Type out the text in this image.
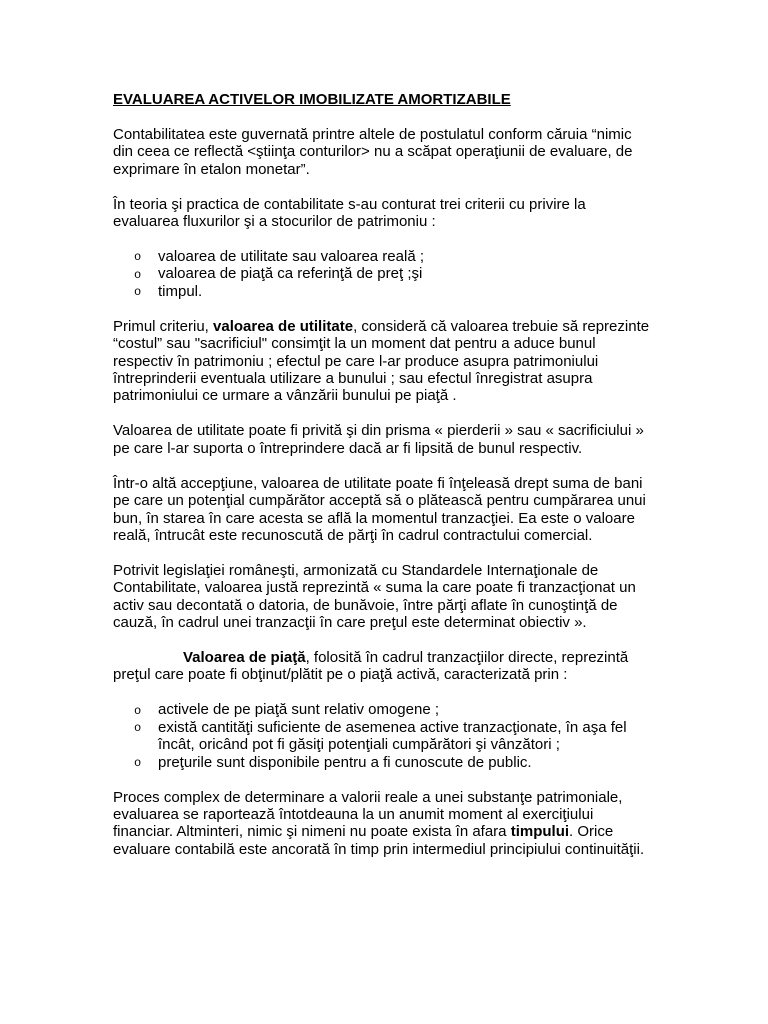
EVALUAREA ACTIVELOR IMOBILIZATE AMORTIZABILE
Contabilitatea este guvernată printre altele de postulatul conform căruia “nimic
din ceea ce reflectă <ştiinţa conturilor> nu a scăpat operaţiunii de evaluare, de
exprimare în etalon monetar”.
În teoria şi practica de contabilitate s-au conturat trei criterii cu privire la
evaluarea fluxurilor şi a stocurilor de patrimoniu :
o valoarea de utilitate sau valoarea reală ;
o valoarea de piaţă ca referinţă de preţ ;şi
o timpul.
Primul criteriu, valoarea de utilitate, consideră că valoarea trebuie să reprezinte
“costul” sau "sacrificiul" consimţit la un moment dat pentru a aduce bunul
respectiv în patrimoniu ; efectul pe care l-ar produce asupra patrimoniului
întreprinderii eventuala utilizare a bunului ; sau efectul înregistrat asupra
patrimoniului ce urmare a vânzării bunului pe piaţă .
Valoarea de utilitate poate fi privită şi din prisma « pierderii » sau « sacrificiului »
pe care l-ar suporta o întreprindere dacă ar fi lipsită de bunul respectiv.
Într-o altă accepţiune, valoarea de utilitate poate fi înţeleasă drept suma de bani
pe care un potenţial cumpărător acceptă să o plătească pentru cumpărarea unui
bun, în starea în care acesta se află la momentul tranzacţiei. Ea este o valoare
reală, întrucât este recunoscută de părţi în cadrul contractului comercial.
Potrivit legislaţiei româneşti, armonizată cu Standardele Internaţionale de
Contabilitate, valoarea justă reprezintă « suma la care poate fi tranzacţionat un
activ sau decontată o datoria, de bunăvoie, între părţi aflate în cunoştinţă de
cauză, în cadrul unei tranzacţii în care preţul este determinat obiectiv ».
Valoarea de piaţă, folosită în cadrul tranzacţiilor directe, reprezintă
preţul care poate fi obţinut/plătit pe o piaţă activă, caracterizată prin :
o activele de pe piaţă sunt relativ omogene ;
o există cantităţi suficiente de asemenea active tranzacţionate, în aşa fel
încât, oricând pot fi găsiţi potenţiali cumpărători şi vânzători ;
o preţurile sunt disponibile pentru a fi cunoscute de public.
Proces complex de determinare a valorii reale a unei substanţe patrimoniale,
evaluarea se raportează întotdeauna la un anumit moment al exerciţiului
financiar. Altminteri, nimic şi nimeni nu poate exista în afara timpului. Orice
evaluare contabilă este ancorată în timp prin intermediul principiului continuităţii.
